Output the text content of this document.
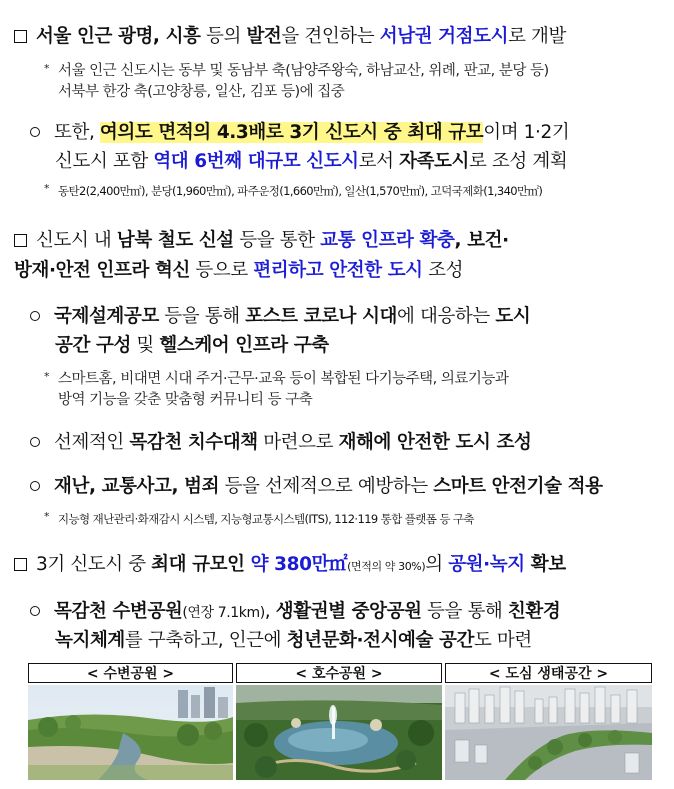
서울 인근 광명, 시흥 등의 발전을 견인하는 서남권 거점도시로 개발
* 서울 인근 신도시는 동부 및 동남부 축(남양주왕숙, 하남교산, 위례, 판교, 분당 등)
서북부 한강 축(고양창릉, 일산, 김포 등)에 집중
또한, 여의도 면적의 4.3배로 3기 신도시 중 최대 규모이며 1·2기
신도시 포함 역대 6번째 대규모 신도시로서 자족도시로 조성 계획
* 동탄2(2,400만㎡), 분당(1,960만㎡), 파주운정(1,660만㎡), 일산(1,570만㎡), 고덕국제화(1,340만㎡)
신도시 내 남북 철도 신설 등을 통한 교통 인프라 확충, 보건·
방재·안전 인프라 혁신 등으로 편리하고 안전한 도시 조성
국제설계공모 등을 통해 포스트 코로나 시대에 대응하는 도시
공간 구성 및 헬스케어 인프라 구축
* 스마트홈, 비대면 시대 주거·근무·교육 등이 복합된 다기능주택, 의료기능과
방역 기능을 갖춘 맞춤형 커뮤니티 등 구축
선제적인 목감천 치수대책 마련으로 재해에 안전한 도시 조성
재난, 교통사고, 범죄 등을 선제적으로 예방하는 스마트 안전기술 적용
* 지능형 재난관리·화재감시 시스템, 지능형교통시스템(ITS), 112·119 통합 플랫폼 등 구축
3기 신도시 중 최대 규모인 약 380만㎡(면적의 약 30%)의 공원·녹지 확보
목감천 수변공원(연장 7.1km), 생활권별 중앙공원 등을 통해 친환경
녹지체계를 구축하고, 인근에 청년문화·전시예술 공간도 마련
< 수변공원 >	< 호수공원 >	< 도심 생태공간 >
